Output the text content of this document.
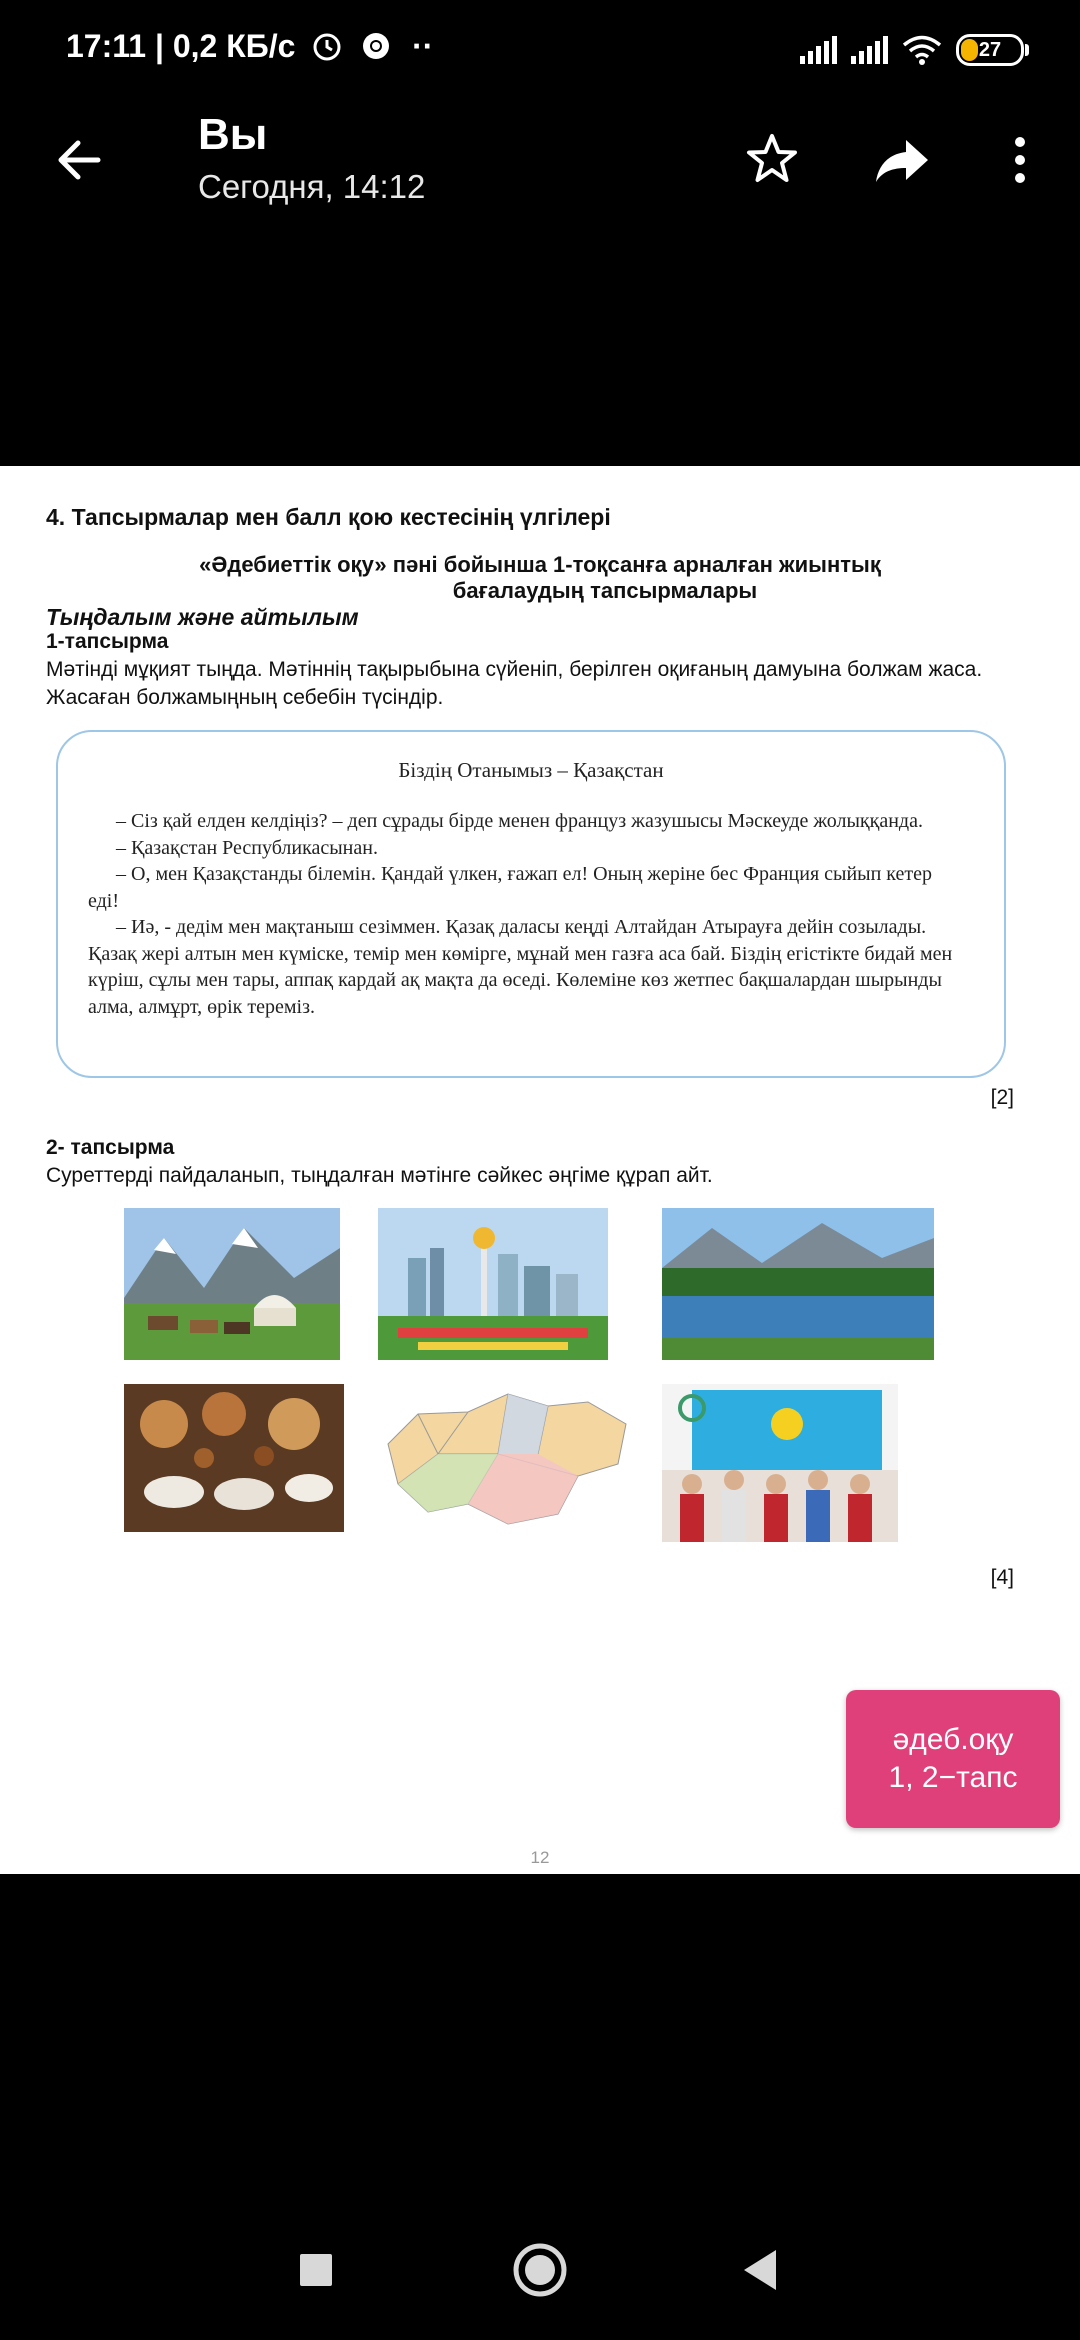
17:11 | 0,2 КБ/с	··	27
Вы
Сегодня, 14:12
4. Тапсырмалар мен балл қою кестесінің үлгілері
«Әдебиеттік оқу» пәні бойынша 1-тоқсанға арналған жиынтық
бағалаудың тапсырмалары
Тыңдалым және айтылым
1-тапсырма
Мәтінді мұқият тыңда. Мәтіннің тақырыбына сүйеніп, берілген оқиғаның дамуына болжам жаса. Жасаған болжамыңның себебін түсіндір.
Біздің Отанымыз – Қазақстан

– Сіз қай елден келдіңіз? – деп сұрады бірде менен француз жазушысы Мәскеуде жолыққанда.

– Қазақстан Республикасынан.

– О, мен Қазақстанды білемін. Қандай үлкен, ғажап ел! Оның жеріне бес Франция сыйып кетер еді!

– Иә, - дедім мен мақтаныш сезіммен. Қазақ даласы кеңді Алтайдан Атырауға дейін созылады. Қазақ жері алтын мен күміске, темір мен көмірге, мұнай мен газға аса бай. Біздің егістікте бидай мен күріш, сұлы мен тары, аппақ кардай ақ мақта да өседі. Көлеміне көз жетпес бақшалардан шырынды алма, алмұрт, өрік тереміз.

[2]
2- тапсырма
Суреттерді пайдаланып, тыңдалған мәтінге сәйкес әңгіме құрап айт.
[4]
12
әдеб.оқу
1, 2−тапс
